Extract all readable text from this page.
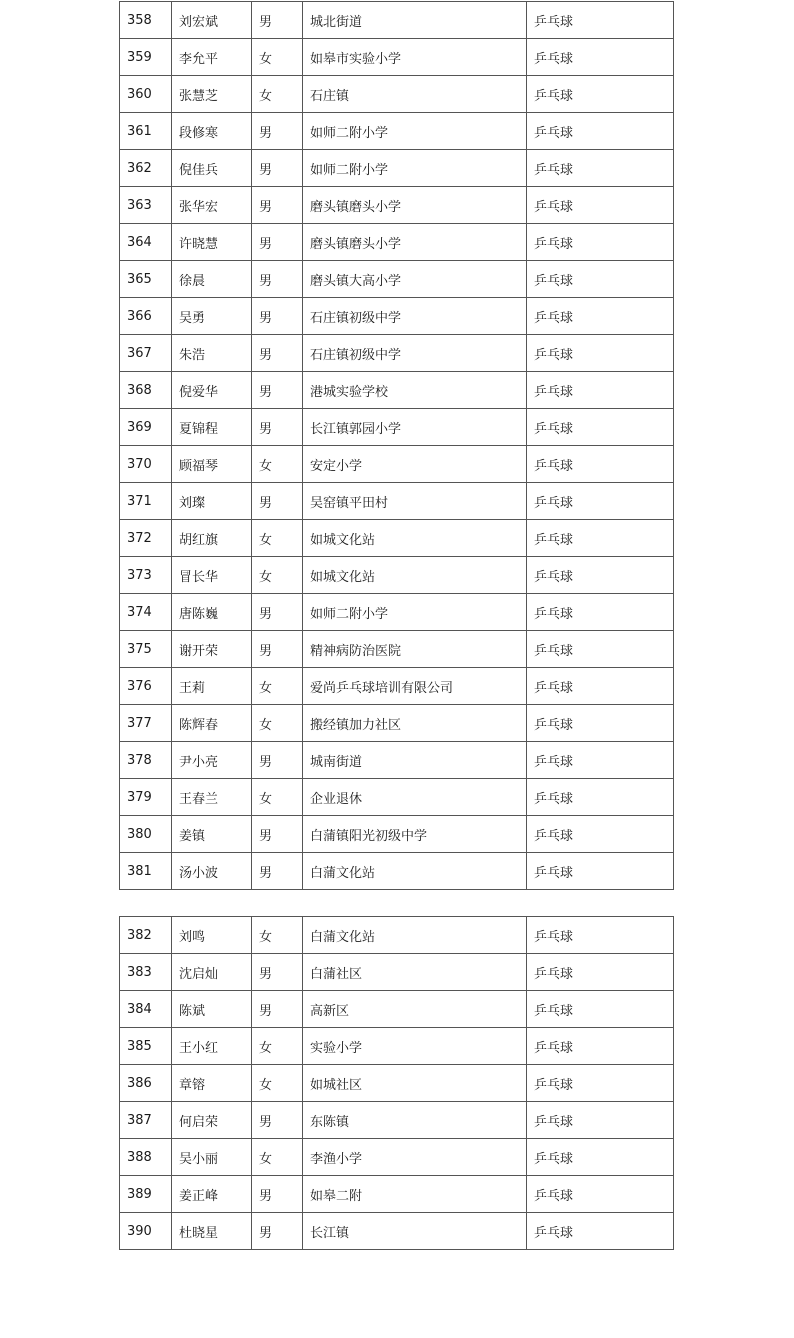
358	刘宏斌	男	城北街道	乒乓球
359	李允平	女	如皋市实验小学	乒乓球
360	张慧芝	女	石庄镇	乒乓球
361	段修寒	男	如师二附小学	乒乓球
362	倪佳兵	男	如师二附小学	乒乓球
363	张华宏	男	磨头镇磨头小学	乒乓球
364	许晓慧	男	磨头镇磨头小学	乒乓球
365	徐晨	男	磨头镇大高小学	乒乓球
366	吴勇	男	石庄镇初级中学	乒乓球
367	朱浩	男	石庄镇初级中学	乒乓球
368	倪爱华	男	港城实验学校	乒乓球
369	夏锦程	男	长江镇郭园小学	乒乓球
370	顾福琴	女	安定小学	乒乓球
371	刘璨	男	吴窑镇平田村	乒乓球
372	胡红旗	女	如城文化站	乒乓球
373	冒长华	女	如城文化站	乒乓球
374	唐陈巍	男	如师二附小学	乒乓球
375	谢开荣	男	精神病防治医院	乒乓球
376	王莉	女	爱尚乒乓球培训有限公司	乒乓球
377	陈辉春	女	搬经镇加力社区	乒乓球
378	尹小亮	男	城南街道	乒乓球
379	王春兰	女	企业退休	乒乓球
380	姜镇	男	白蒲镇阳光初级中学	乒乓球
381	汤小波	男	白蒲文化站	乒乓球
382	刘鸣	女	白蒲文化站	乒乓球
383	沈启灿	男	白蒲社区	乒乓球
384	陈斌	男	高新区	乒乓球
385	王小红	女	实验小学	乒乓球
386	章镕	女	如城社区	乒乓球
387	何启荣	男	东陈镇	乒乓球
388	吴小丽	女	李渔小学	乒乓球
389	姜正峰	男	如皋二附	乒乓球
390	杜晓星	男	长江镇	乒乓球
